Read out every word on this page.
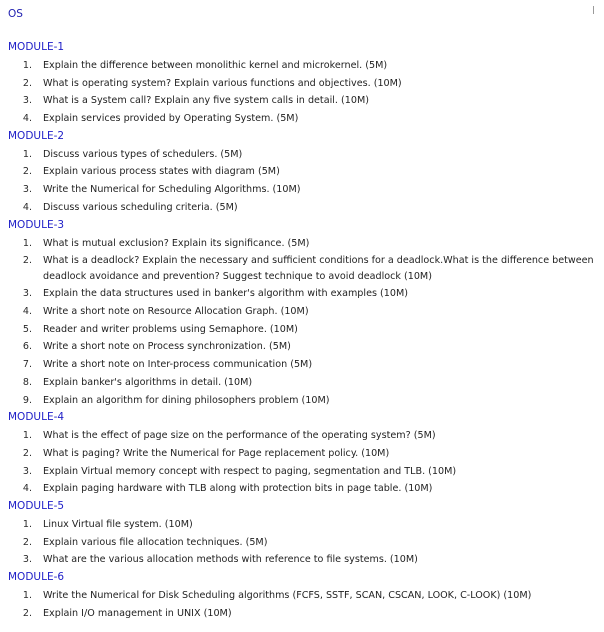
OS
MODULE-1
1.	Explain the difference between monolithic kernel and microkernel. (5M)
2.	What is operating system? Explain various functions and objectives. (10M)
3.	What is a System call? Explain any five system calls in detail. (10M)
4.	Explain services provided by Operating System. (5M)
MODULE-2
1.	Discuss various types of schedulers. (5M)
2.	Explain various process states with diagram (5M)
3.	Write the Numerical for Scheduling Algorithms. (10M)
4.	Discuss various scheduling criteria. (5M)
MODULE-3
1.	What is mutual exclusion? Explain its significance. (5M)
2.	What is a deadlock? Explain the necessary and sufficient conditions for a deadlock.What is the difference between deadlock avoidance and prevention? Suggest technique to avoid deadlock (10M)
3.	Explain the data structures used in banker's algorithm with examples (10M)
4.	Write a short note on Resource Allocation Graph. (10M)
5.	Reader and writer problems using Semaphore. (10M)
6.	Write a short note on Process synchronization. (5M)
7.	Write a short note on Inter-process communication (5M)
8.	Explain banker's algorithms in detail. (10M)
9.	Explain an algorithm for dining philosophers problem (10M)
MODULE-4
1.	What is the effect of page size on the performance of the operating system? (5M)
2.	What is paging? Write the Numerical for Page replacement policy. (10M)
3.	Explain Virtual memory concept with respect to paging, segmentation and TLB. (10M)
4.	Explain paging hardware with TLB along with protection bits in page table. (10M)
MODULE-5
1.	Linux Virtual file system. (10M)
2.	Explain various file allocation techniques. (5M)
3.	What are the various allocation methods with reference to file systems. (10M)
MODULE-6
1.	Write the Numerical for Disk Scheduling algorithms (FCFS, SSTF, SCAN, CSCAN, LOOK, C-LOOK) (10M)
2.	Explain I/O management in UNIX (10M)
